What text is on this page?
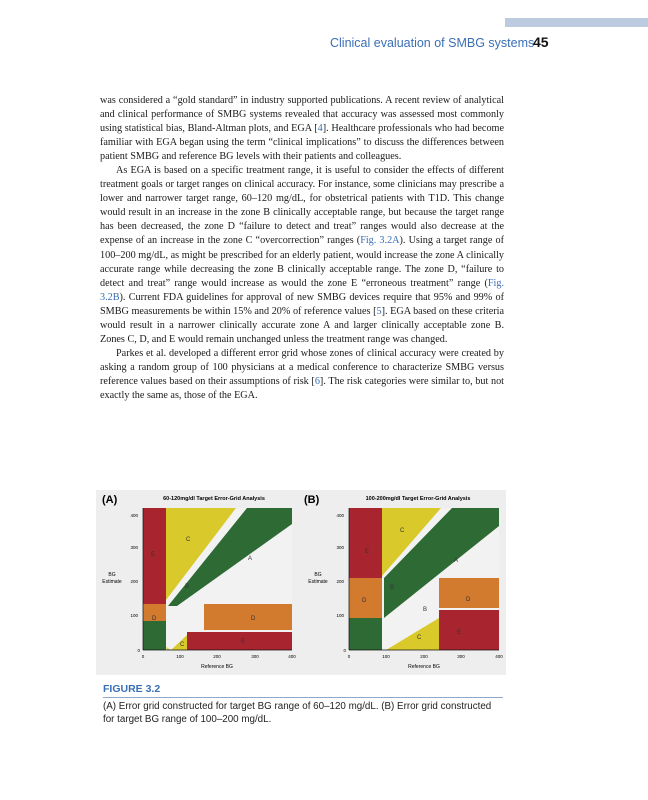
Clinical evaluation of SMBG systems
45

was considered a “gold standard” in industry supported publications. A recent review of analytical and clinical performance of SMBG systems revealed that accuracy was assessed most commonly using statistical bias, Bland-Altman plots, and EGA [4]. Healthcare professionals who had become familiar with EGA began using the term “clinical implications” to discuss the differences between patient SMBG and reference BG levels with their patients and colleagues.

As EGA is based on a specific treatment range, it is useful to consider the effects of different treatment goals or target ranges on clinical accuracy. For instance, some clinicians may prescribe a lower and narrower target range, 60–120 mg/dL, for obstetrical patients with T1D. This change would result in an increase in the zone B clinically acceptable range, but because the target range has been decreased, the zone D “failure to detect and treat” ranges would also decrease at the expense of an increase in the zone C “overcorrection” ranges (Fig. 3.2A). Using a target range of 100–200 mg/dL, as might be prescribed for an elderly patient, would increase the zone A clinically accurate range while decreasing the zone B clinically acceptable range. The zone D, “failure to detect and treat” range would increase as would the zone E “erroneous treatment” range (Fig. 3.2B). Current FDA guidelines for approval of new SMBG devices require that 95% and 99% of SMBG measurements be within 15% and 20% of reference values [5]. EGA based on these criteria would result in a narrower clinically accurate zone A and larger clinically acceptable zone B. Zones C, D, and E would remain unchanged unless the treatment range was changed.

Parkes et al. developed a different error grid whose zones of clinical accuracy were created by asking a random group of 100 physicians at a medical conference to characterize SMBG versus reference values based on their assumptions of risk [6]. The risk categories were similar to, but not exactly the same as, those of the EGA.

(A)	60-120mg/dl Target Error-Grid Analysis
BG
Estimate
C
E
A
B
D	D
E
C
400
300
200
100
0
0	100	200	300	400
Reference BG
(B)	100-200mg/dl Target Error-Grid Analysis
BG
Estimate
C
E
A
B
D	D
B
E
C
400
300
200
100
0
0	100	200	300	400
Reference BG
FIGURE 3.2
(A) Error grid constructed for target BG range of 60–120 mg/dL. (B) Error grid constructed for target BG range of 100–200 mg/dL.
